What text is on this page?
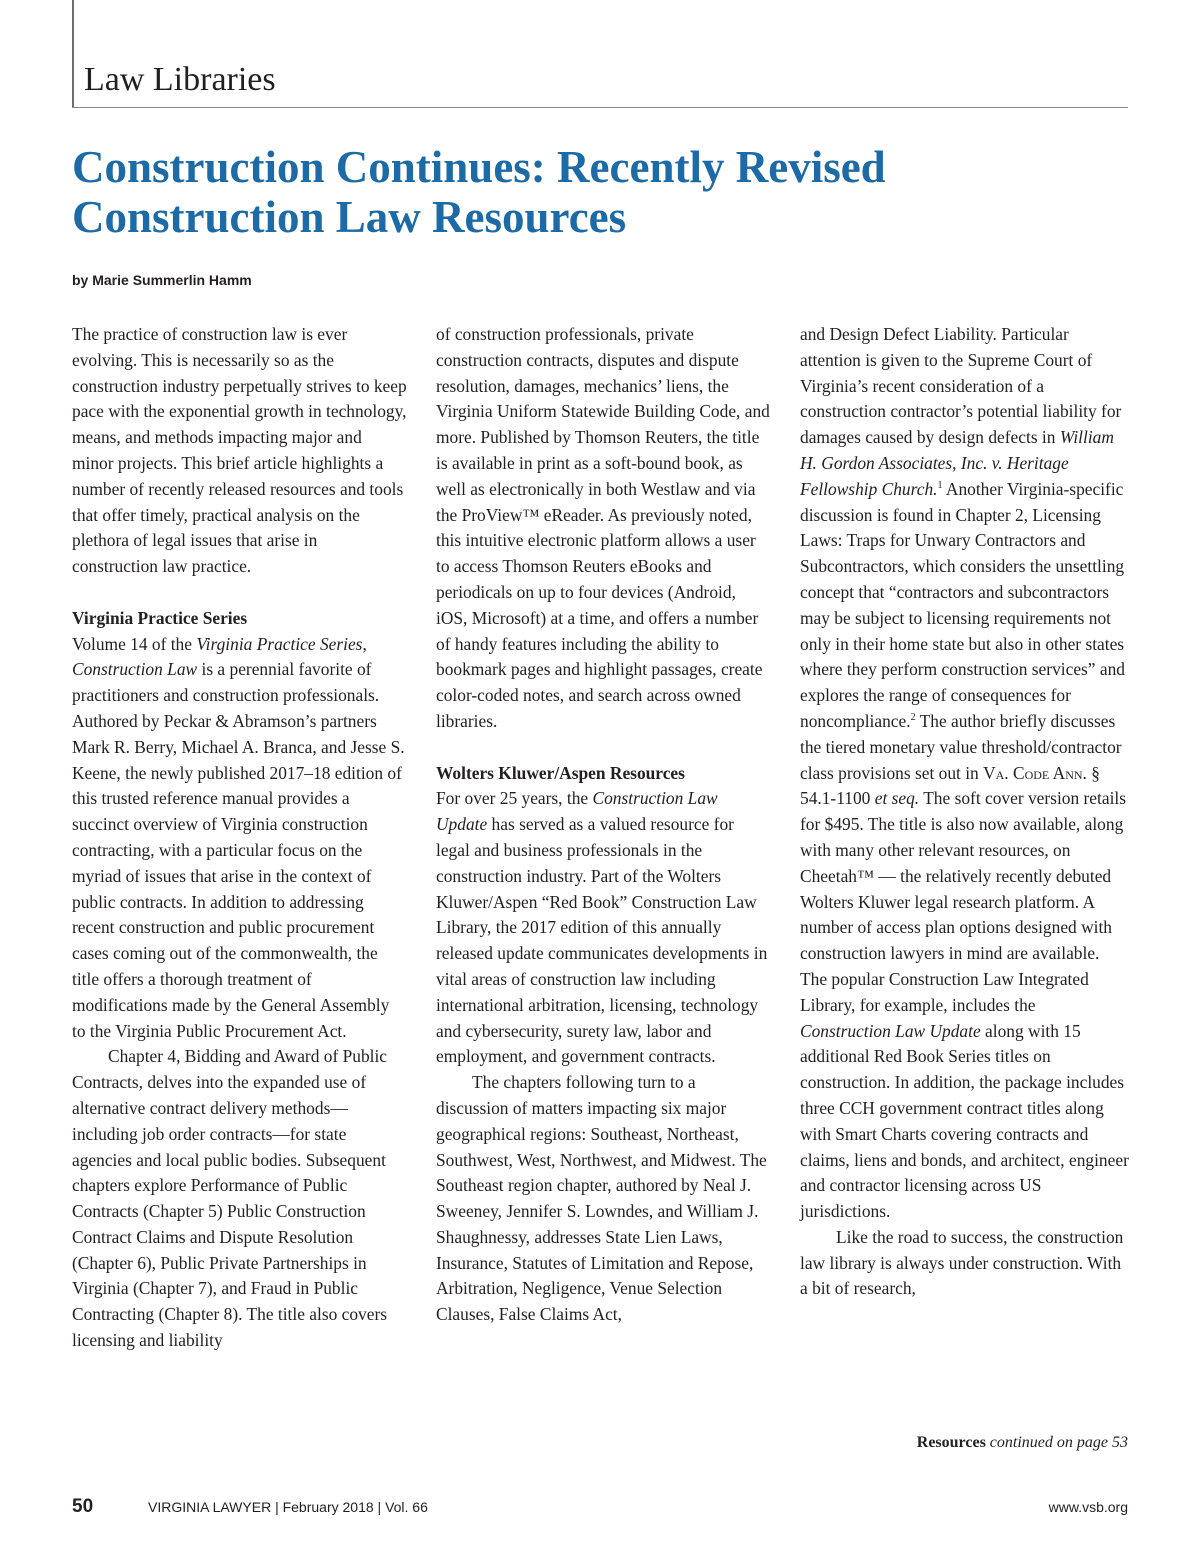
Law Libraries
Construction Continues: Recently Revised
Construction Law Resources
by Marie Summerlin Hamm

The practice of construction law is ever evolving. This is necessarily so as the construction industry perpetually strives to keep pace with the exponential growth in technology, means, and methods impacting major and minor projects. This brief article highlights a number of recently released resources and tools that offer timely, practical analysis on the plethora of legal issues that arise in construction law practice.

Virginia Practice Series

Volume 14 of the Virginia Practice Series, Construction Law is a perennial favorite of practitioners and construction professionals. Authored by Peckar & Abramson’s partners Mark R. Berry, Michael A. Branca, and Jesse S. Keene, the newly published 2017–18 edition of this trusted reference manual provides a succinct overview of Virginia construction contracting, with a particular focus on the myriad of issues that arise in the context of public contracts. In addition to addressing recent construction and public procurement cases coming out of the commonwealth, the title offers a thorough treatment of modifications made by the General Assembly to the Virginia Public Procurement Act.

Chapter 4, Bidding and Award of Public Contracts, delves into the expanded use of alternative contract delivery methods—including job order contracts—for state agencies and local public bodies. Subsequent chapters explore Performance of Public Contracts (Chapter 5) Public Construction Contract Claims and Dispute Resolution (Chapter 6), Public Private Partnerships in Virginia (Chapter 7), and Fraud in Public Contracting (Chapter 8). The title also covers licensing and liability

of construction professionals, private construction contracts, disputes and dispute resolution, damages, mechanics’ liens, the Virginia Uniform Statewide Building Code, and more. Published by Thomson Reuters, the title is available in print as a soft-bound book, as well as electronically in both Westlaw and via the ProView™ eReader. As previously noted, this intuitive electronic platform allows a user to access Thomson Reuters eBooks and periodicals on up to four devices (Android, iOS, Microsoft) at a time, and offers a number of handy features including the ability to bookmark pages and highlight passages, create color-coded notes, and search across owned libraries.

Wolters Kluwer/Aspen Resources

For over 25 years, the Construction Law Update has served as a valued resource for legal and business professionals in the construction industry. Part of the Wolters Kluwer/Aspen “Red Book” Construction Law Library, the 2017 edition of this annually released update communicates developments in vital areas of construction law including international arbitration, licensing, technology and cybersecurity, surety law, labor and employment, and government contracts.

The chapters following turn to a discussion of matters impacting six major geographical regions: Southeast, Northeast, Southwest, West, Northwest, and Midwest. The Southeast region chapter, authored by Neal J. Sweeney, Jennifer S. Lowndes, and William J. Shaughnessy, addresses State Lien Laws, Insurance, Statutes of Limitation and Repose, Arbitration, Negligence, Venue Selection Clauses, False Claims Act,

and Design Defect Liability. Particular attention is given to the Supreme Court of Virginia’s recent consideration of a construction contractor’s potential liability for damages caused by design defects in William H. Gordon Associates, Inc. v. Heritage Fellowship Church.$^1$ Another Virginia-specific discussion is found in Chapter 2, Licensing Laws: Traps for Unwary Contractors and Subcontractors, which considers the unsettling concept that “contractors and subcontractors may be subject to licensing requirements not only in their home state but also in other states where they perform construction services” and explores the range of consequences for noncompliance.$^2$ The author briefly discusses the tiered monetary value threshold/contractor class provisions set out in Va. Code Ann. § 54.1-1100 et seq. The soft cover version retails for $495. The title is also now available, along with many other relevant resources, on Cheetah™ — the relatively recently debuted Wolters Kluwer legal research platform. A number of access plan options designed with construction lawyers in mind are available. The popular Construction Law Integrated Library, for example, includes the Construction Law Update along with 15 additional Red Book Series titles on construction. In addition, the package includes three CCH government contract titles along with Smart Charts covering contracts and claims, liens and bonds, and architect, engineer and contractor licensing across US jurisdictions.

Like the road to success, the construction law library is always under construction. With a bit of research,

Resources continued on page 53
50	VIRGINIA LAWYER | February 2018 | Vol. 66	www.vsb.org
